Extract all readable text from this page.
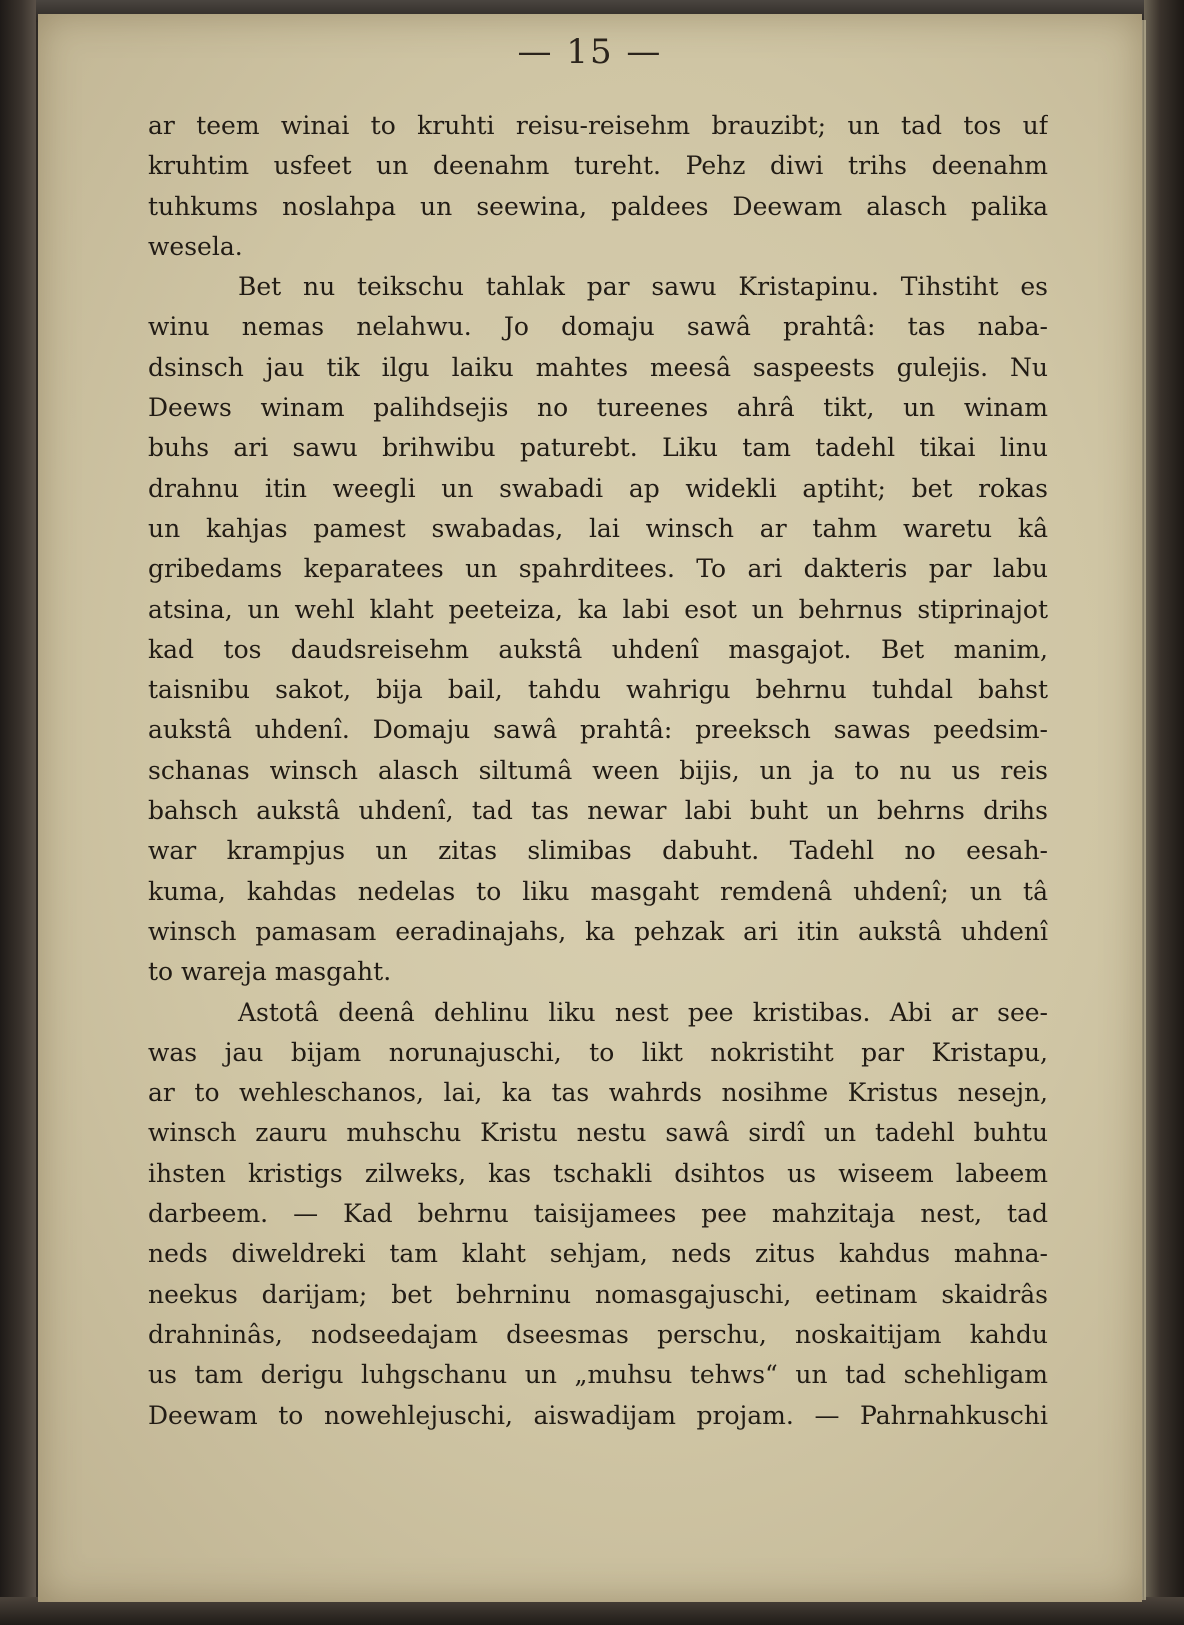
— 15 —
ar teem winai to kruhti reisu-reisehm brauzibt; un tad tos uf
kruhtim usfeet un deenahm tureht. Pehz diwi trihs deenahm
tuhkums noslahpa un seewina, paldees Deewam alasch palika
wesela.
Bet nu teikschu tahlak par sawu Kristapinu. Tihstiht es
winu nemas nelahwu. Jo domaju sawâ prahtâ: tas naba-
dsinsch jau tik ilgu laiku mahtes meesâ saspeests gulejis. Nu
Deews winam palihdsejis no tureenes ahrâ tikt, un winam
buhs ari sawu brihwibu paturebt. Liku tam tadehl tikai linu
drahnu itin weegli un swabadi ap widekli aptiht; bet rokas
un kahjas pamest swabadas, lai winsch ar tahm waretu kâ
gribedams keparatees un spahrditees. To ari dakteris par labu
atsina, un wehl klaht peeteiza, ka labi esot un behrnus stiprinajot
kad tos daudsreisehm aukstâ uhdenî masgajot. Bet manim,
taisnibu sakot, bija bail, tahdu wahrigu behrnu tuhdal bahst
aukstâ uhdenî. Domaju sawâ prahtâ: preeksch sawas peedsim-
schanas winsch alasch siltumâ ween bijis, un ja to nu us reis
bahsch aukstâ uhdenî, tad tas newar labi buht un behrns drihs
war krampjus un zitas slimibas dabuht. Tadehl no eesah-
kuma, kahdas nedelas to liku masgaht remdenâ uhdenî; un tâ
winsch pamasam eeradinajahs, ka pehzak ari itin aukstâ uhdenî
to wareja masgaht.
Astotâ deenâ dehlinu liku nest pee kristibas. Abi ar see-
was jau bijam norunajuschi, to likt nokristiht par Kristapu,
ar to wehleschanos, lai, ka tas wahrds nosihme Kristus nesejn,
winsch zauru muhschu Kristu nestu sawâ sirdî un tadehl buhtu
ihsten kristigs zilweks, kas tschakli dsihtos us wiseem labeem
darbeem. — Kad behrnu taisijamees pee mahzitaja nest, tad
neds diweldreki tam klaht sehjam, neds zitus kahdus mahna-
neekus darijam; bet behrninu nomasgajuschi, eetinam skaidrâs
drahninâs, nodseedajam dseesmas perschu, noskaitijam kahdu
us tam derigu luhgschanu un „muhsu tehws“ un tad schehligam
Deewam to nowehlejuschi, aiswadijam projam. — Pahrnahkuschi
